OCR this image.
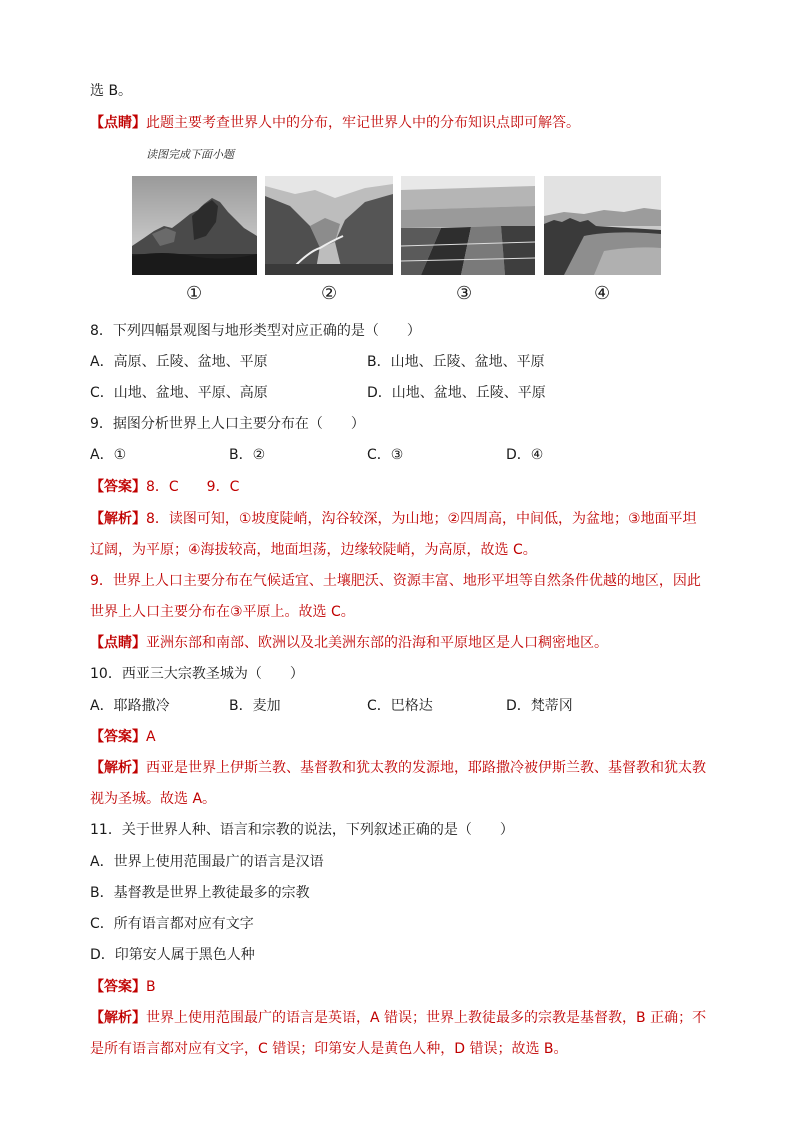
选 B。
【点睛】此题主要考查世界人中的分布，牢记世界人中的分布知识点即可解答。
读图完成下面小题
①	②	③	④
8．下列四幅景观图与地形类型对应正确的是（　　）
A．高原、丘陵、盆地、平原	B．山地、丘陵、盆地、平原
C．山地、盆地、平原、高原	D．山地、盆地、丘陵、平原
9．据图分析世界上人口主要分布在（　　）
A．①	B．②	C．③	D．④
【答案】8．C　　9．C
【解析】8．读图可知，①坡度陡峭，沟谷较深，为山地；②四周高，中间低，为盆地；③地面平坦
辽阔，为平原；④海拔较高，地面坦荡，边缘较陡峭，为高原，故选 C。
9．世界上人口主要分布在气候适宜、土壤肥沃、资源丰富、地形平坦等自然条件优越的地区，因此
世界上人口主要分布在③平原上。故选 C。
【点睛】亚洲东部和南部、欧洲以及北美洲东部的沿海和平原地区是人口稠密地区。
10．西亚三大宗教圣城为（　　）
A．耶路撒冷	B．麦加	C．巴格达	D．梵蒂冈
【答案】A
【解析】西亚是世界上伊斯兰教、基督教和犹太教的发源地，耶路撒冷被伊斯兰教、基督教和犹太教
视为圣城。故选 A。
11．关于世界人种、语言和宗教的说法，下列叙述正确的是（　　）
A．世界上使用范围最广的语言是汉语
B．基督教是世界上教徒最多的宗教
C．所有语言都对应有文字
D．印第安人属于黑色人种
【答案】B
【解析】世界上使用范围最广的语言是英语，A 错误；世界上教徒最多的宗教是基督教，B 正确；不
是所有语言都对应有文字，C 错误；印第安人是黄色人种，D 错误；故选 B。
